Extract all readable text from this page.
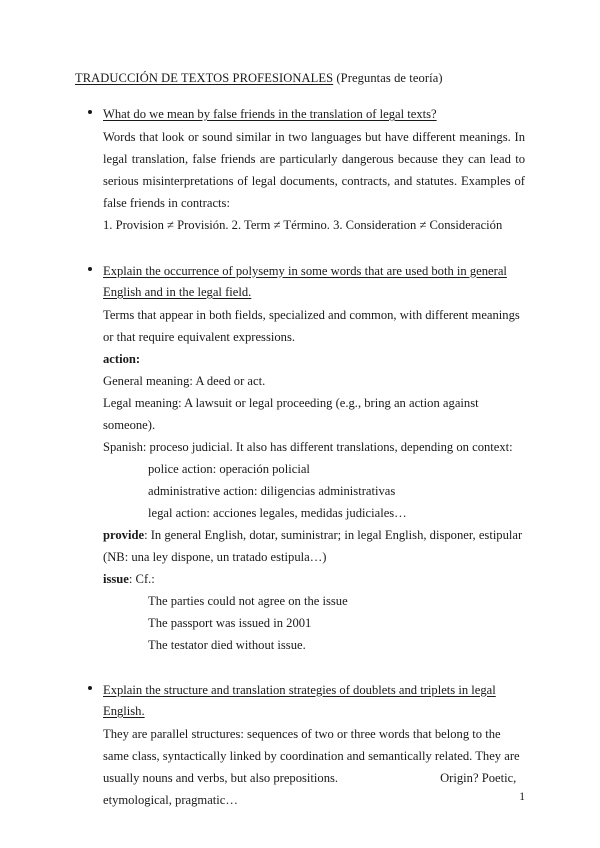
TRADUCCIÓN DE TEXTOS PROFESIONALES (Preguntas de teoría)

What do we mean by false friends in the translation of legal texts?

Words that look or sound similar in two languages but have different meanings. In legal translation, false friends are particularly dangerous because they can lead to serious misinterpretations of legal documents, contracts, and statutes. Examples of false friends in contracts:

1. Provision ≠ Provisión. 2. Term ≠ Término. 3. Consideration ≠ Consideración

Explain the occurrence of polysemy in some words that are used both in general English and in the legal field.

Terms that appear in both fields, specialized and common, with different meanings or that require equivalent expressions.

action:

General meaning: A deed or act.

Legal meaning: A lawsuit or legal proceeding (e.g., bring an action against someone).

Spanish: proceso judicial. It also has different translations, depending on context:

police action: operación policial

administrative action: diligencias administrativas

legal action: acciones legales, medidas judiciales…

provide: In general English, dotar, suministrar; in legal English, disponer, estipular (NB: una ley dispone, un tratado estipula…)

issue: Cf.:

The parties could not agree on the issue

The passport was issued in 2001

The testator died without issue.

Explain the structure and translation strategies of doublets and triplets in legal English.

They are parallel structures: sequences of two or three words that belong to the same class, syntactically linked by coordination and semantically related. They are usually nouns and verbs, but also prepositions.	Origin? Poetic, etymological, pragmatic…	1
